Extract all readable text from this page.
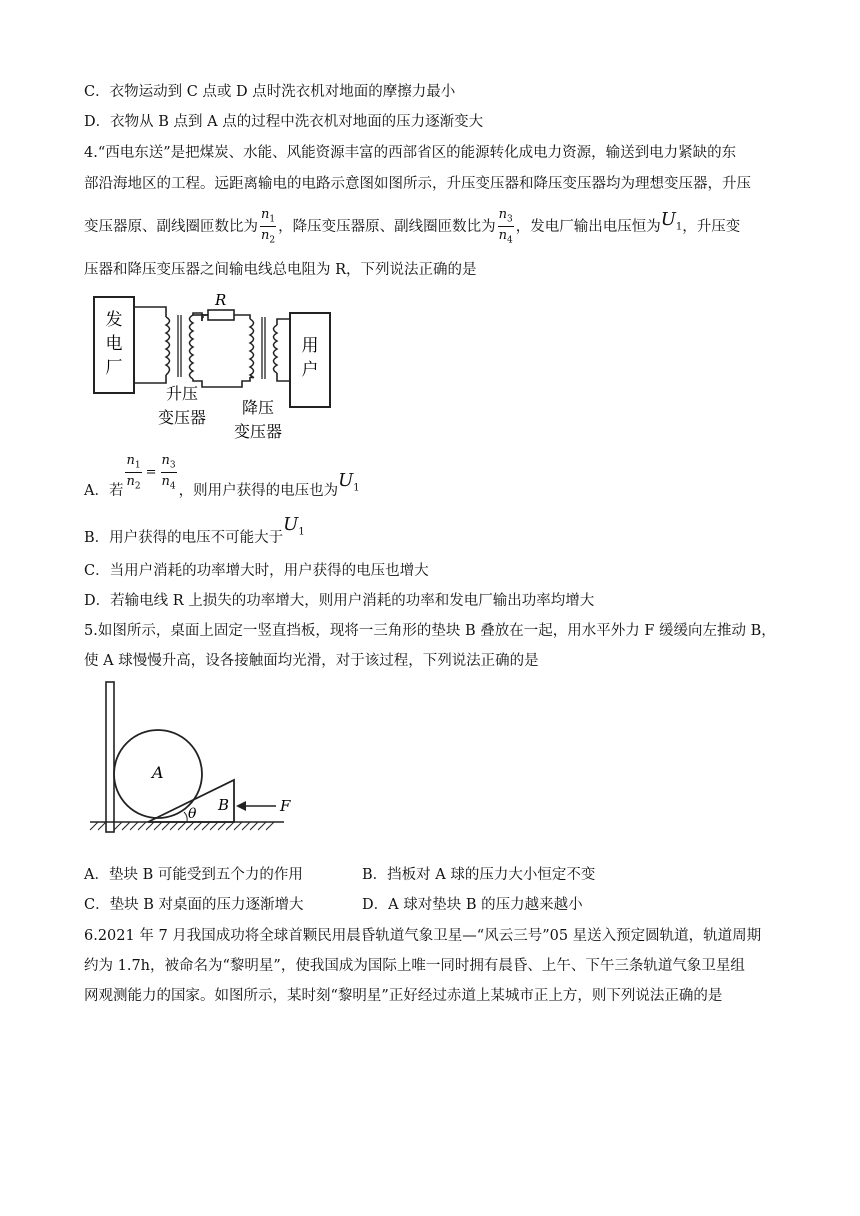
C．衣物运动到 C 点或 D 点时洗衣机对地面的摩擦力最小
D．衣物从 B 点到 A 点的过程中洗衣机对地面的压力逐渐变大
4.“西电东送”是把煤炭、水能、风能资源丰富的西部省区的能源转化成电力资源，输送到电力紧缺的东
部沿海地区的工程。远距离输电的电路示意图如图所示，升压变压器和降压变压器均为理想变压器，升压
变压器原、副线圈匝数比为 $\frac{n_1}{n_2}$ ，降压变压器原、副线圈匝数比为 $\frac{n_3}{n_4}$ ，发电厂输出电压恒为 $U_1$ ，升压变
压器和降压变压器之间输电线总电阻为 R，下列说法正确的是
发
电
厂
R
用
户
升压
变压器
降压
变压器
A．若 $\frac{n_1}{n_2} = \frac{n_3}{n_4}$ ，则用户获得的电压也为 $U_1$
B．用户获得的电压不可能大于
$U_1$
C．当用户消耗的功率增大时，用户获得的电压也增大
D．若输电线 R 上损失的功率增大，则用户消耗的功率和发电厂输出功率均增大
5.如图所示，桌面上固定一竖直挡板，现将一三角形的垫块 B 叠放在一起，用水平外力 F 缓缓向左推动 B，
使 A 球慢慢升高，设各接触面均光滑，对于该过程，下列说法正确的是
A
θ B	F
A．垫块 B 可能受到五个力的作用	B．挡板对 A 球的压力大小恒定不变
C．垫块 B 对桌面的压力逐渐增大	D．A 球对垫块 B 的压力越来越小
6.2021 年 7 月我国成功将全球首颗民用晨昏轨道气象卫星—“风云三号”05 星送入预定圆轨道，轨道周期
约为 1.7h，被命名为“黎明星”，使我国成为国际上唯一同时拥有晨昏、上午、下午三条轨道气象卫星组
网观测能力的国家。如图所示，某时刻“黎明星”正好经过赤道上某城市正上方，则下列说法正确的是
